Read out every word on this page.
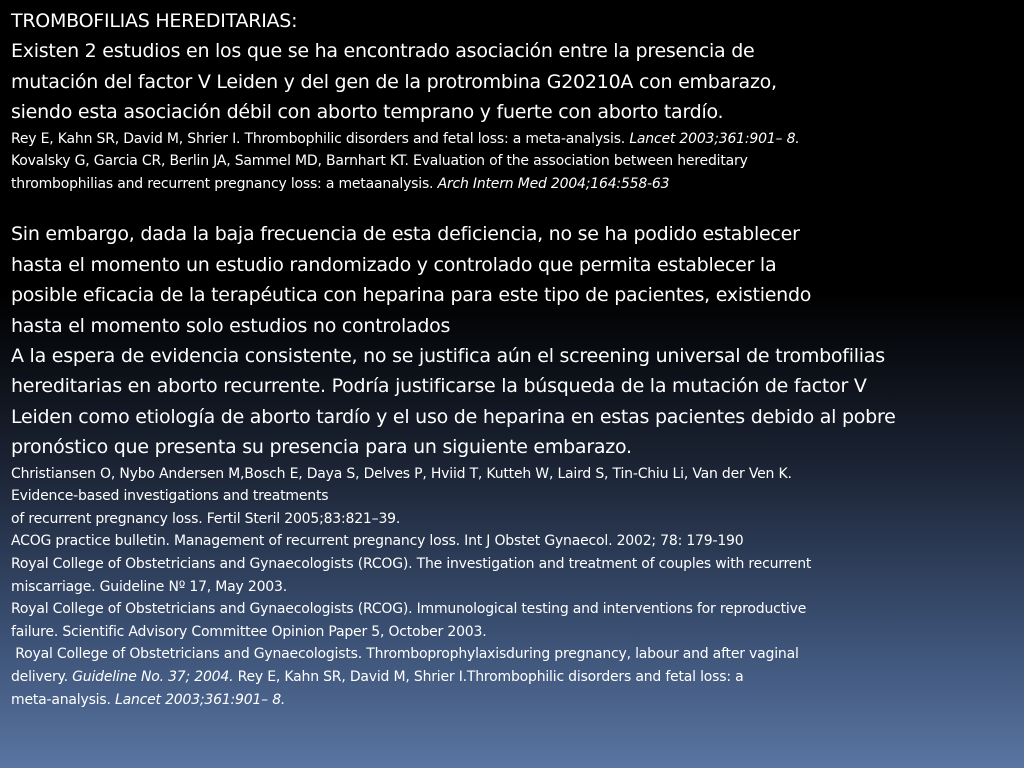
TROMBOFILIAS HEREDITARIAS:
Existen 2 estudios en los que se ha encontrado asociación entre la presencia de
mutación del factor V Leiden y del gen de la protrombina G20210A con embarazo,
siendo esta asociación débil con aborto temprano y fuerte con aborto tardío.
Rey E, Kahn SR, David M, Shrier I. Thrombophilic disorders and fetal loss: a meta-analysis. Lancet 2003;361:901– 8.
Kovalsky G, Garcia CR, Berlin JA, Sammel MD, Barnhart KT. Evaluation of the association between hereditary
thrombophilias and recurrent pregnancy loss: a metaanalysis. Arch Intern Med 2004;164:558-63
Sin embargo, dada la baja frecuencia de esta deficiencia, no se ha podido establecer
hasta el momento un estudio randomizado y controlado que permita establecer la
posible eficacia de la terapéutica con heparina para este tipo de pacientes, existiendo
hasta el momento solo estudios no controlados
A la espera de evidencia consistente, no se justifica aún el screening universal de trombofilias
hereditarias en aborto recurrente. Podría justificarse la búsqueda de la mutación de factor V
Leiden como etiología de aborto tardío y el uso de heparina en estas pacientes debido al pobre
pronóstico que presenta su presencia para un siguiente embarazo.
Christiansen O, Nybo Andersen M,Bosch E, Daya S, Delves P, Hviid T, Kutteh W, Laird S, Tin-Chiu Li, Van der Ven K.
Evidence-based investigations and treatments
of recurrent pregnancy loss. Fertil Steril 2005;83:821–39.
ACOG practice bulletin. Management of recurrent pregnancy loss. Int J Obstet Gynaecol. 2002; 78: 179-190
Royal College of Obstetricians and Gynaecologists (RCOG). The investigation and treatment of couples with recurrent
miscarriage. Guideline Nº 17, May 2003.
Royal College of Obstetricians and Gynaecologists (RCOG). Immunological testing and interventions for reproductive
failure. Scientific Advisory Committee Opinion Paper 5, October 2003.
Royal College of Obstetricians and Gynaecologists. Thromboprophylaxisduring pregnancy, labour and after vaginal
delivery. Guideline No. 37; 2004. Rey E, Kahn SR, David M, Shrier I.Thrombophilic disorders and fetal loss: a
meta-analysis. Lancet 2003;361:901– 8.
